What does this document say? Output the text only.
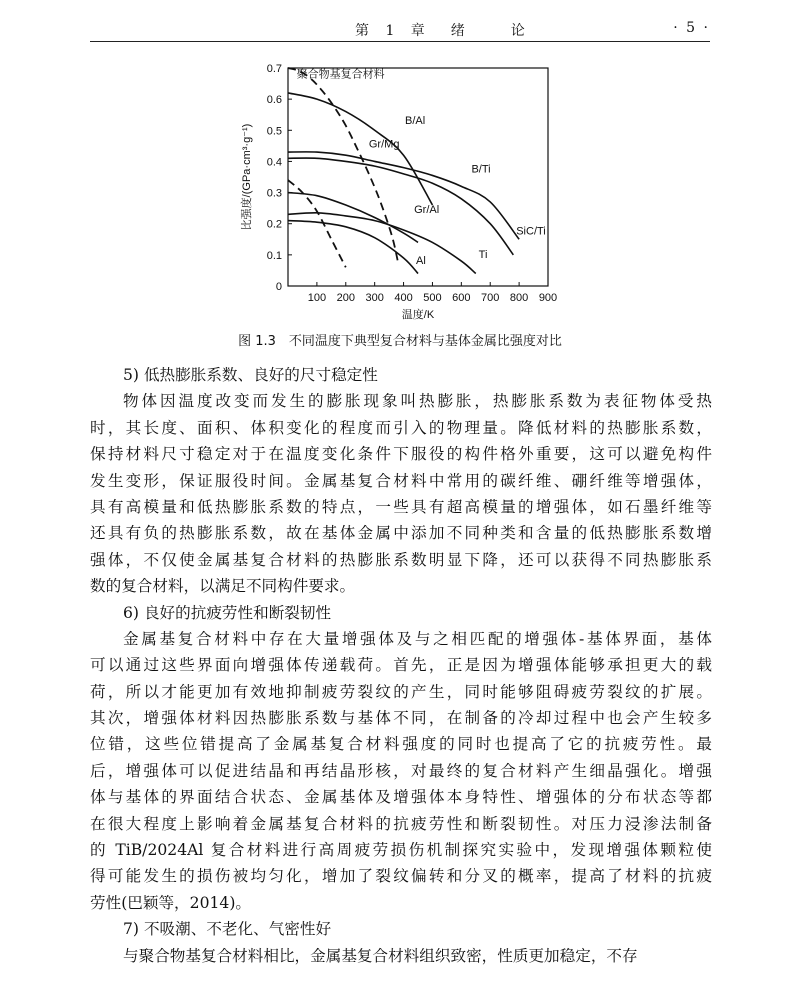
第 1 章　绪　　论	· 5 ·
0
0.1
0.2
0.3
0.4
0.5
0.6
0.7
100 200 300 400 500 600 700 800 900
温度/K
比强度/(GPa·cm³·g⁻¹)
聚合物基复合材料
B/Al
Gr/Mg
B/Ti
SiC/Ti
Gr/Al
Ti
Al
图 1.3　不同温度下典型复合材料与基体金属比强度对比
5) 低热膨胀系数、良好的尺寸稳定性
物体因温度改变而发生的膨胀现象叫热膨胀，热膨胀系数为表征物体受热
时，其长度、面积、体积变化的程度而引入的物理量。降低材料的热膨胀系数，
保持材料尺寸稳定对于在温度变化条件下服役的构件格外重要，这可以避免构件
发生变形，保证服役时间。金属基复合材料中常用的碳纤维、硼纤维等增强体，
具有高模量和低热膨胀系数的特点，一些具有超高模量的增强体，如石墨纤维等
还具有负的热膨胀系数，故在基体金属中添加不同种类和含量的低热膨胀系数增
强体，不仅使金属基复合材料的热膨胀系数明显下降，还可以获得不同热膨胀系
数的复合材料，以满足不同构件要求。
6) 良好的抗疲劳性和断裂韧性
金属基复合材料中存在大量增强体及与之相匹配的增强体-基体界面，基体
可以通过这些界面向增强体传递载荷。首先，正是因为增强体能够承担更大的载
荷，所以才能更加有效地抑制疲劳裂纹的产生，同时能够阻碍疲劳裂纹的扩展。
其次，增强体材料因热膨胀系数与基体不同，在制备的冷却过程中也会产生较多
位错，这些位错提高了金属基复合材料强度的同时也提高了它的抗疲劳性。最
后，增强体可以促进结晶和再结晶形核，对最终的复合材料产生细晶强化。增强
体与基体的界面结合状态、金属基体及增强体本身特性、增强体的分布状态等都
在很大程度上影响着金属基复合材料的抗疲劳性和断裂韧性。对压力浸渗法制备
的 TiB/2024Al 复合材料进行高周疲劳损伤机制探究实验中，发现增强体颗粒使
得可能发生的损伤被均匀化，增加了裂纹偏转和分叉的概率，提高了材料的抗疲
劳性(巴颖等，2014)。
7) 不吸潮、不老化、气密性好
与聚合物基复合材料相比，金属基复合材料组织致密，性质更加稳定，不存
